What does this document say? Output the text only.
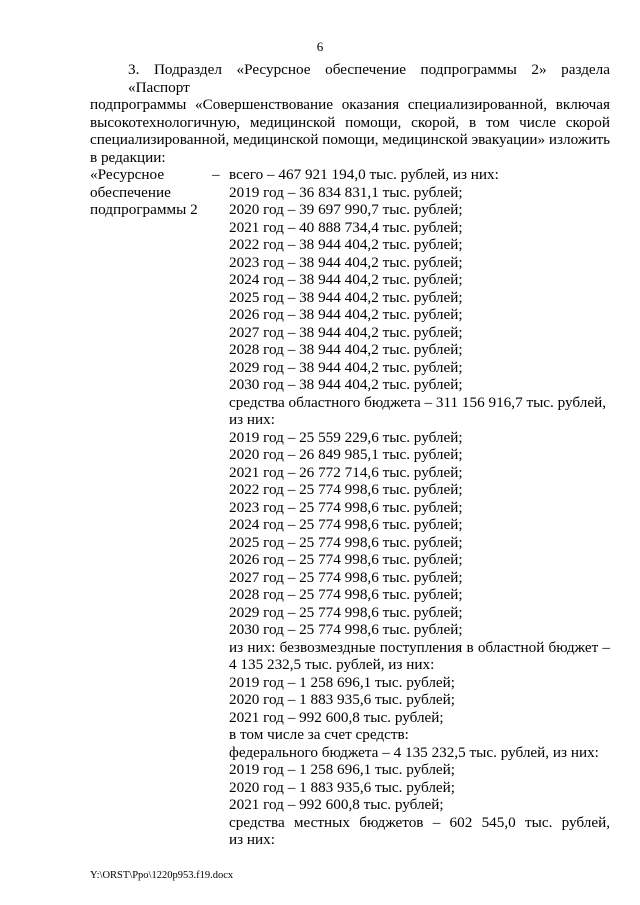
6

3. Подраздел «Ресурсное обеспечение подпрограммы 2» раздела «Паспорт
подпрограммы «Совершенствование оказания специализированной, включая
высокотехнологичную, медицинской помощи, скорой, в том числе скорой
специализированной, медицинской помощи, медицинской эвакуации» изложить
в редакции:

«Ресурсное
обеспечение
подпрограммы 2
– всего – 467 921 194,0 тыс. рублей, из них:
2019 год – 36 834 831,1 тыс. рублей;
2020 год – 39 697 990,7 тыс. рублей;
2021 год – 40 888 734,4 тыс. рублей;
2022 год – 38 944 404,2 тыс. рублей;
2023 год – 38 944 404,2 тыс. рублей;
2024 год – 38 944 404,2 тыс. рублей;
2025 год – 38 944 404,2 тыс. рублей;
2026 год – 38 944 404,2 тыс. рублей;
2027 год – 38 944 404,2 тыс. рублей;
2028 год – 38 944 404,2 тыс. рублей;
2029 год – 38 944 404,2 тыс. рублей;
2030 год – 38 944 404,2 тыс. рублей;
средства областного бюджета – 311 156 916,7 тыс. рублей,
из них:
2019 год – 25 559 229,6 тыс. рублей;
2020 год – 26 849 985,1 тыс. рублей;
2021 год – 26 772 714,6 тыс. рублей;
2022 год – 25 774 998,6 тыс. рублей;
2023 год – 25 774 998,6 тыс. рублей;
2024 год – 25 774 998,6 тыс. рублей;
2025 год – 25 774 998,6 тыс. рублей;
2026 год – 25 774 998,6 тыс. рублей;
2027 год – 25 774 998,6 тыс. рублей;
2028 год – 25 774 998,6 тыс. рублей;
2029 год – 25 774 998,6 тыс. рублей;
2030 год – 25 774 998,6 тыс. рублей;
из них: безвозмездные поступления в областной бюджет –
4 135 232,5 тыс. рублей, из них:
2019 год – 1 258 696,1 тыс. рублей;
2020 год – 1 883 935,6 тыс. рублей;
2021 год – 992 600,8 тыс. рублей;
в том числе за счет средств:
федерального бюджета – 4 135 232,5 тыс. рублей, из них:
2019 год – 1 258 696,1 тыс. рублей;
2020 год – 1 883 935,6 тыс. рублей;
2021 год – 992 600,8 тыс. рублей;
средства местных бюджетов – 602 545,0 тыс. рублей,
из них:
Y:\ORST\Ppo\1220p953.f19.docx
